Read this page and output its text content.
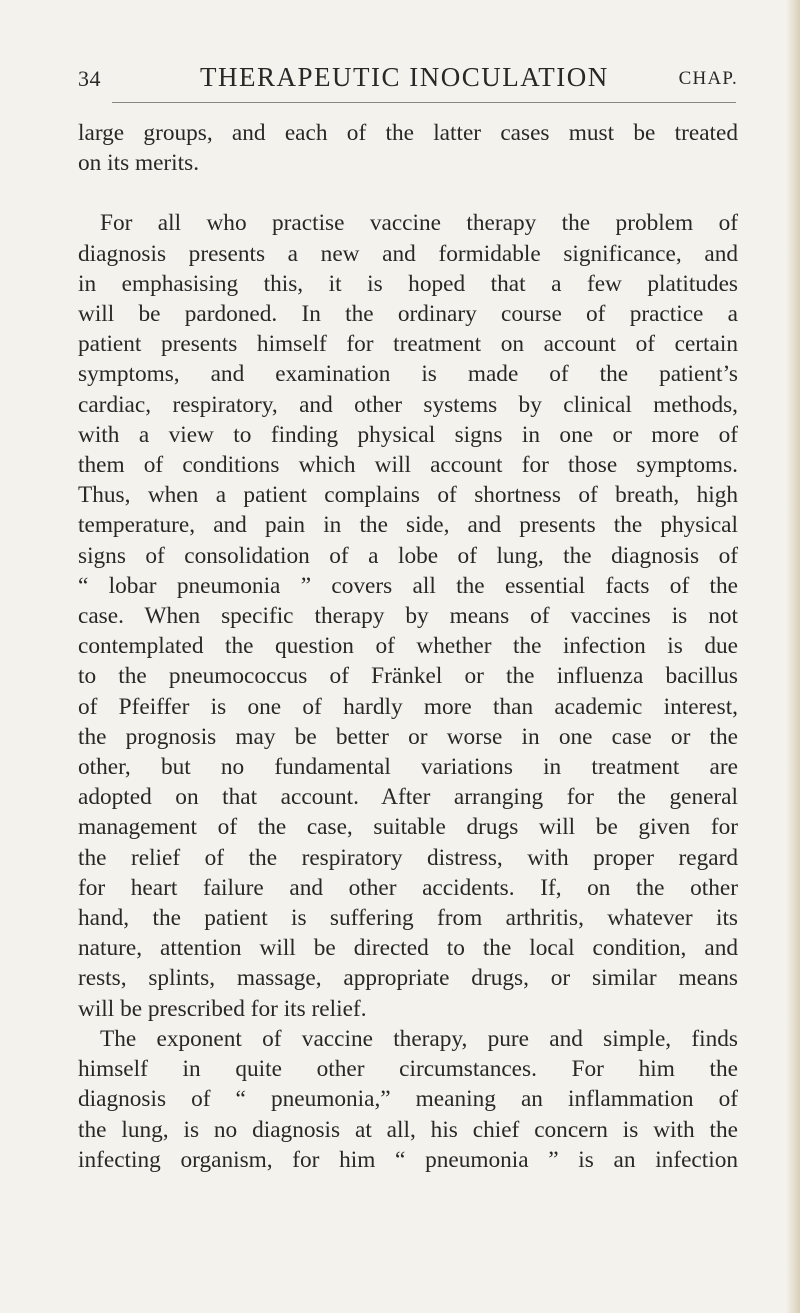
34	THERAPEUTIC INOCULATION	CHAP.
large groups, and each of the latter cases must be treated
on its merits.
For all who practise vaccine therapy the problem of
diagnosis presents a new and formidable significance, and
in emphasising this, it is hoped that a few platitudes
will be pardoned. In the ordinary course of practice a
patient presents himself for treatment on account of certain
symptoms, and examination is made of the patient’s
cardiac, respiratory, and other systems by clinical methods,
with a view to finding physical signs in one or more of
them of conditions which will account for those symptoms.
Thus, when a patient complains of shortness of breath, high
temperature, and pain in the side, and presents the physical
signs of consolidation of a lobe of lung, the diagnosis of
“ lobar pneumonia ” covers all the essential facts of the
case. When specific therapy by means of vaccines is not
contemplated the question of whether the infection is due
to the pneumococcus of Fränkel or the influenza bacillus
of Pfeiffer is one of hardly more than academic interest,
the prognosis may be better or worse in one case or the
other, but no fundamental variations in treatment are
adopted on that account. After arranging for the general
management of the case, suitable drugs will be given for
the relief of the respiratory distress, with proper regard
for heart failure and other accidents. If, on the other
hand, the patient is suffering from arthritis, whatever its
nature, attention will be directed to the local condition, and
rests, splints, massage, appropriate drugs, or similar means
will be prescribed for its relief.
The exponent of vaccine therapy, pure and simple, finds
himself in quite other circumstances. For him the
diagnosis of “ pneumonia,” meaning an inflammation of
the lung, is no diagnosis at all, his chief concern is with the
infecting organism, for him “ pneumonia ” is an infection
